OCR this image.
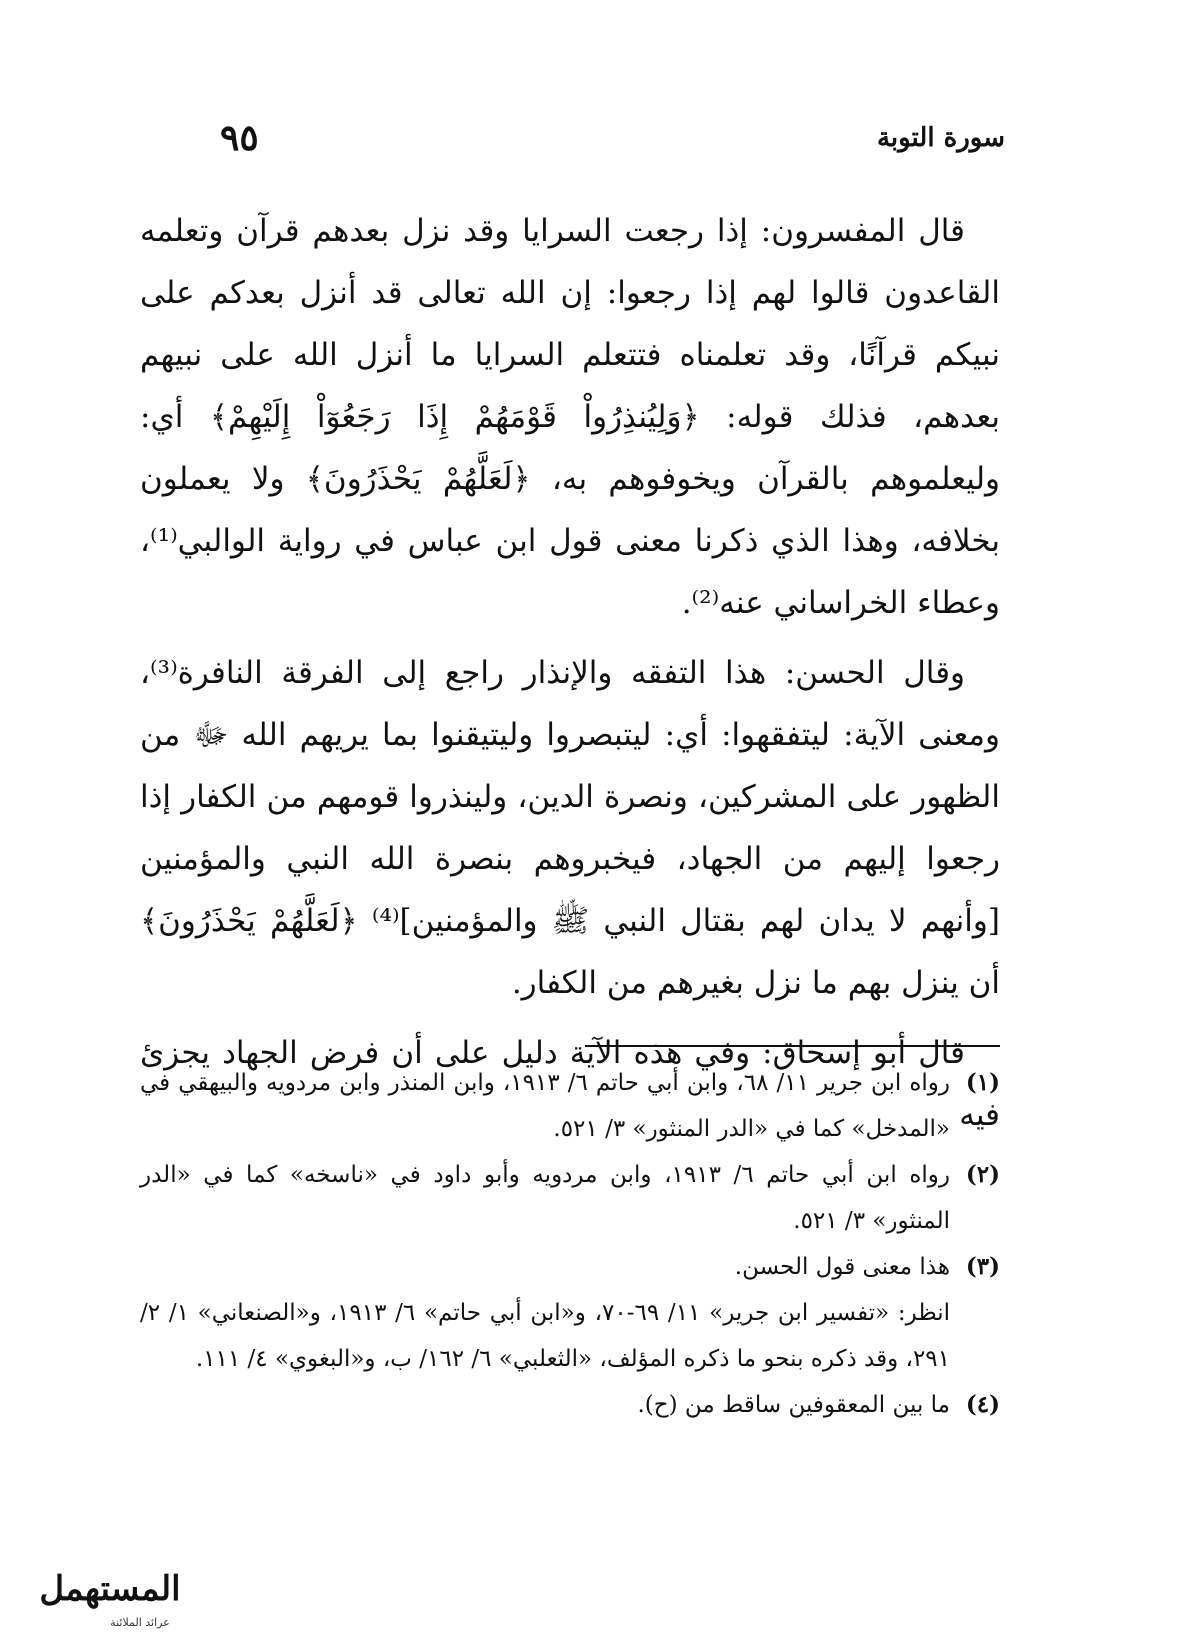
سورة التوبة
٩٥

قال المفسرون: إذا رجعت السرايا وقد نزل بعدهم قرآن وتعلمه القاعدون قالوا لهم إذا رجعوا: إن الله تعالى قد أنزل بعدكم على نبيكم قرآنًا، وقد تعلمناه فتتعلم السرايا ما أنزل الله على نبيهم بعدهم، فذلك قوله: ﴿وَلِيُنذِرُواْ قَوْمَهُمْ إِذَا رَجَعُوٓاْ إِلَيْهِمْ﴾ أي: وليعلموهم بالقرآن ويخوفوهم به، ﴿لَعَلَّهُمْ يَحْذَرُونَ﴾ ولا يعملون بخلافه، وهذا الذي ذكرنا معنى قول ابن عباس في رواية الوالبي⁽¹⁾، وعطاء الخراساني عنه⁽²⁾.

وقال الحسن: هذا التفقه والإنذار راجع إلى الفرقة النافرة⁽³⁾، ومعنى الآية: ليتفقهوا: أي: ليتبصروا وليتيقنوا بما يريهم الله ﷻ من الظهور على المشركين، ونصرة الدين، ولينذروا قومهم من الكفار إذا رجعوا إليهم من الجهاد، فيخبروهم بنصرة الله النبي والمؤمنين [وأنهم لا يدان لهم بقتال النبي ﷺ والمؤمنين]⁽⁴⁾ ﴿لَعَلَّهُمْ يَحْذَرُونَ﴾ أن ينزل بهم ما نزل بغيرهم من الكفار.

قال أبو إسحاق: وفي هذه الآية دليل على أن فرض الجهاد يجزئ فيه

(١)
رواه ابن جرير ١١/ ٦٨، وابن أبي حاتم ٦/ ١٩١٣، وابن المنذر وابن مردويه والبيهقي في «المدخل» كما في «الدر المنثور» ٣/ ٥٢١.
(٢)
رواه ابن أبي حاتم ٦/ ١٩١٣، وابن مردويه وأبو داود في «ناسخه» كما في «الدر المنثور» ٣/ ٥٢١.
(٣)
هذا معنى قول الحسن.
انظر: «تفسير ابن جرير» ١١/ ٦٩-٧٠، و«ابن أبي حاتم» ٦/ ١٩١٣، و«الصنعاني» ١/ ٢/ ٢٩١، وقد ذكره بنحو ما ذكره المؤلف، «الثعلبي» ٦/ ١٦٢/ ب، و«البغوي» ٤/ ١١١.
(٤)
ما بين المعقوفين ساقط من (ح).
المستهمل
عرائد الملائنة
